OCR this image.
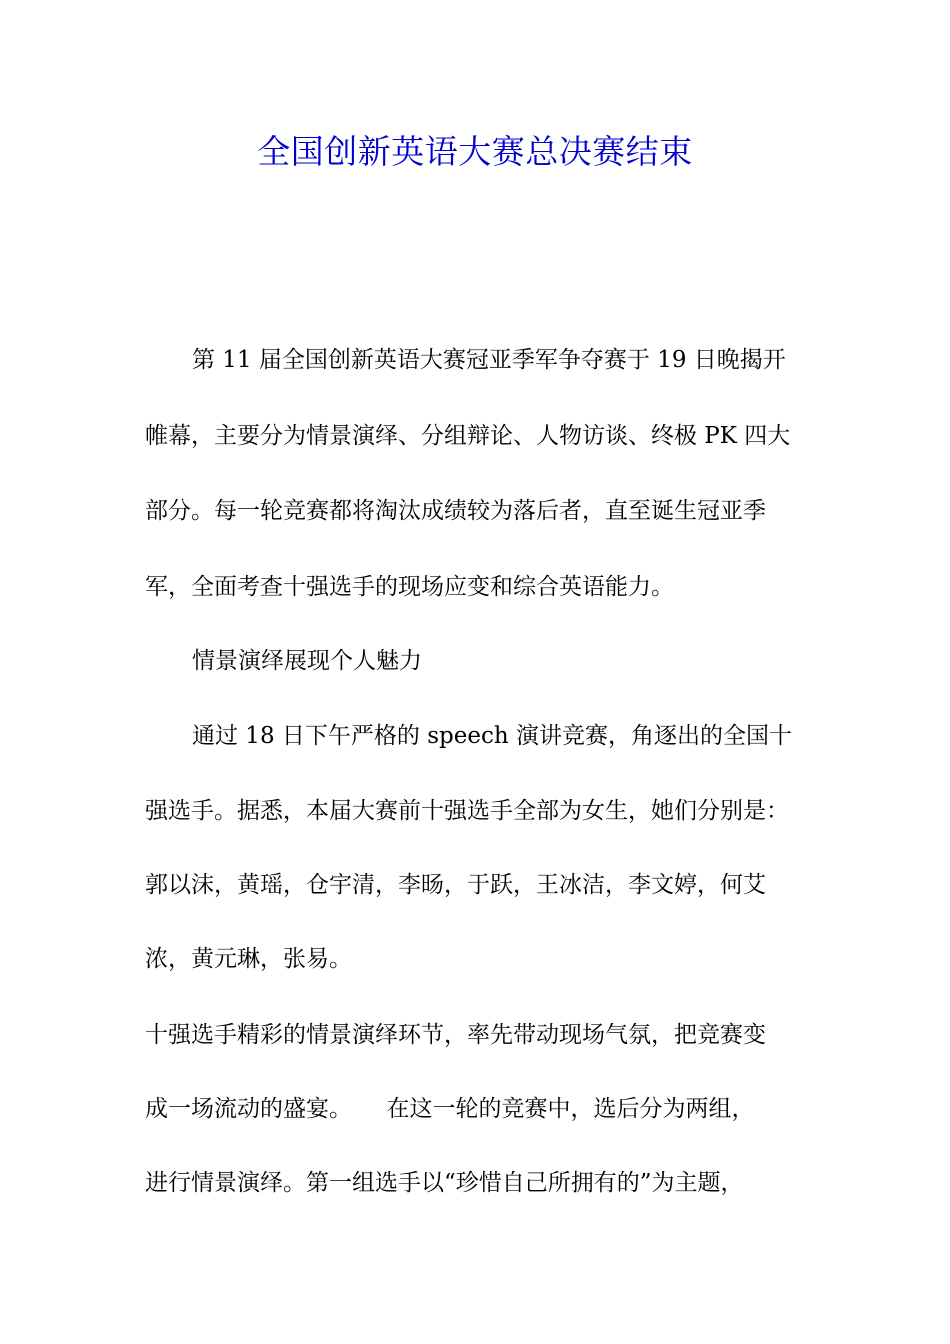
全国创新英语大赛总决赛结束
第 11 届全国创新英语大赛冠亚季军争夺赛于 19 日晚揭开
帷幕，主要分为情景演绎、分组辩论、人物访谈、终极 PK 四大
部分。每一轮竞赛都将淘汰成绩较为落后者，直至诞生冠亚季
军，全面考查十强选手的现场应变和综合英语能力。
情景演绎展现个人魅力
通过 18 日下午严格的 speech 演讲竞赛，角逐出的全国十
强选手。据悉，本届大赛前十强选手全部为女生，她们分别是：
郭以沫，黄瑶，仓宇清，李旸，于跃，王冰洁，李文婷，何艾
浓，黄元琳，张易。
十强选手精彩的情景演绎环节，率先带动现场气氛，把竞赛变
成一场流动的盛宴。　　在这一轮的竞赛中，选后分为两组，
进行情景演绎。第一组选手以“珍惜自己所拥有的”为主题，
